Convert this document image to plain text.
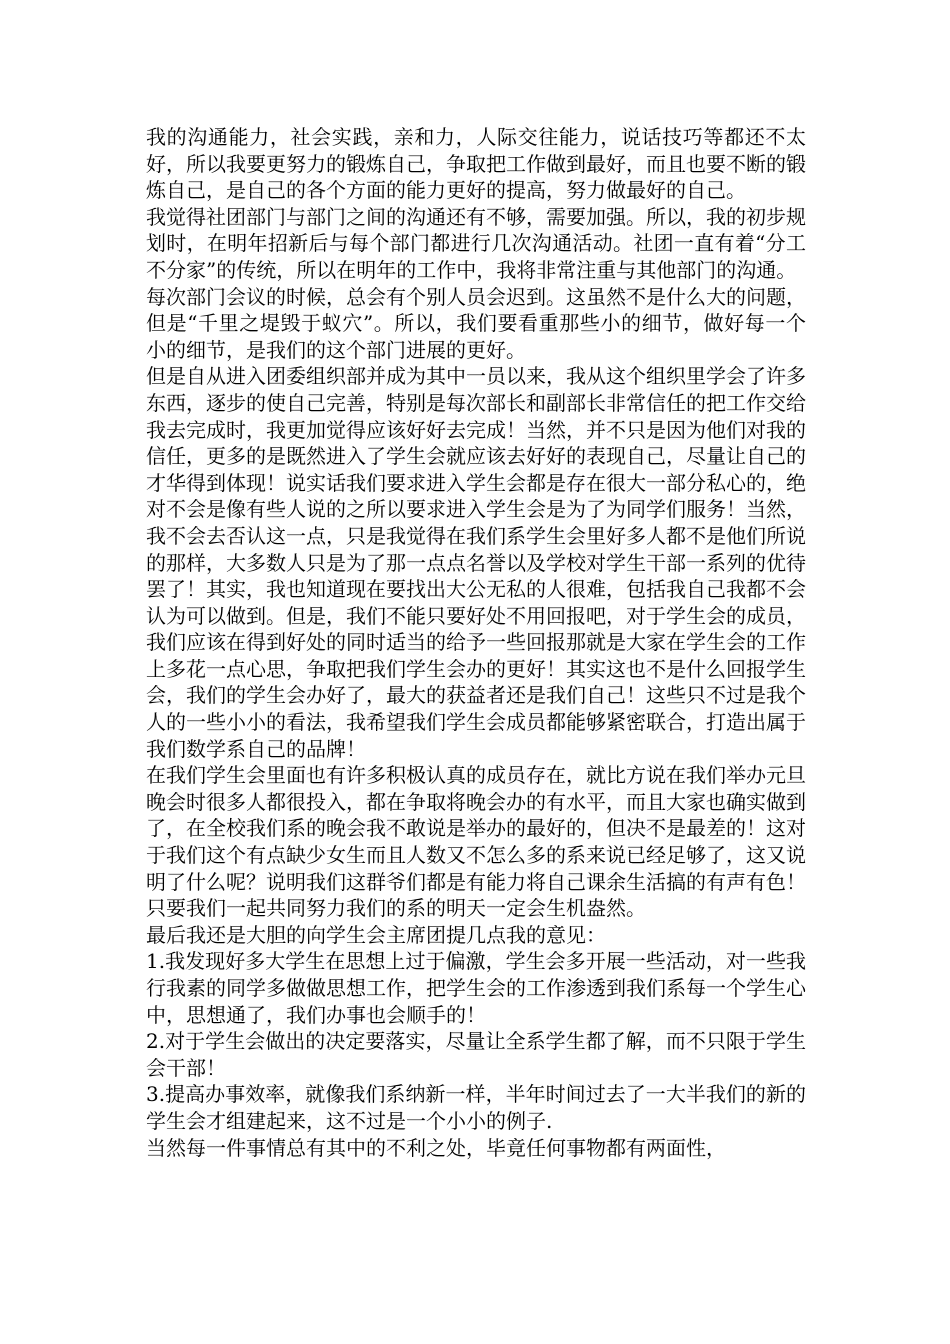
我的沟通能力，社会实践，亲和力，人际交往能力，说话技巧等都还不太好，所以我要更努力的锻炼自己，争取把工作做到最好，而且也要不断的锻炼自己，是自己的各个方面的能力更好的提高，努力做最好的自己。

我觉得社团部门与部门之间的沟通还有不够，需要加强。所以，我的初步规划时，在明年招新后与每个部门都进行几次沟通活动。社团一直有着“分工不分家”的传统，所以在明年的工作中，我将非常注重与其他部门的沟通。

每次部门会议的时候，总会有个别人员会迟到。这虽然不是什么大的问题，但是“千里之堤毁于蚁穴”。所以，我们要看重那些小的细节，做好每一个小的细节，是我们的这个部门进展的更好。

但是自从进入团委组织部并成为其中一员以来，我从这个组织里学会了许多东西，逐步的使自己完善，特别是每次部长和副部长非常信任的把工作交给我去完成时，我更加觉得应该好好去完成！当然，并不只是因为他们对我的信任，更多的是既然进入了学生会就应该去好好的表现自己，尽量让自己的才华得到体现！说实话我们要求进入学生会都是存在很大一部分私心的，绝对不会是像有些人说的之所以要求进入学生会是为了为同学们服务！当然，我不会去否认这一点，只是我觉得在我们系学生会里好多人都不是他们所说的那样，大多数人只是为了那一点点名誉以及学校对学生干部一系列的优待罢了！其实，我也知道现在要找出大公无私的人很难，包括我自己我都不会认为可以做到。但是，我们不能只要好处不用回报吧，对于学生会的成员，我们应该在得到好处的同时适当的给予一些回报那就是大家在学生会的工作上多花一点心思，争取把我们学生会办的更好！其实这也不是什么回报学生会，我们的学生会办好了，最大的获益者还是我们自己！这些只不过是我个人的一些小小的看法，我希望我们学生会成员都能够紧密联合，打造出属于我们数学系自己的品牌！

在我们学生会里面也有许多积极认真的成员存在，就比方说在我们举办元旦晚会时很多人都很投入，都在争取将晚会办的有水平，而且大家也确实做到了，在全校我们系的晚会我不敢说是举办的最好的，但决不是最差的！这对于我们这个有点缺少女生而且人数又不怎么多的系来说已经足够了，这又说明了什么呢？说明我们这群爷们都是有能力将自己课余生活搞的有声有色！只要我们一起共同努力我们的系的明天一定会生机盎然。

最后我还是大胆的向学生会主席团提几点我的意见：

1.我发现好多大学生在思想上过于偏激，学生会多开展一些活动，对一些我行我素的同学多做做思想工作，把学生会的工作渗透到我们系每一个学生心中，思想通了，我们办事也会顺手的！

2.对于学生会做出的决定要落实，尽量让全系学生都了解，而不只限于学生会干部！

3.提高办事效率，就像我们系纳新一样，半年时间过去了一大半我们的新的学生会才组建起来，这不过是一个小小的例子.

当然每一件事情总有其中的不利之处，毕竟任何事物都有两面性，
